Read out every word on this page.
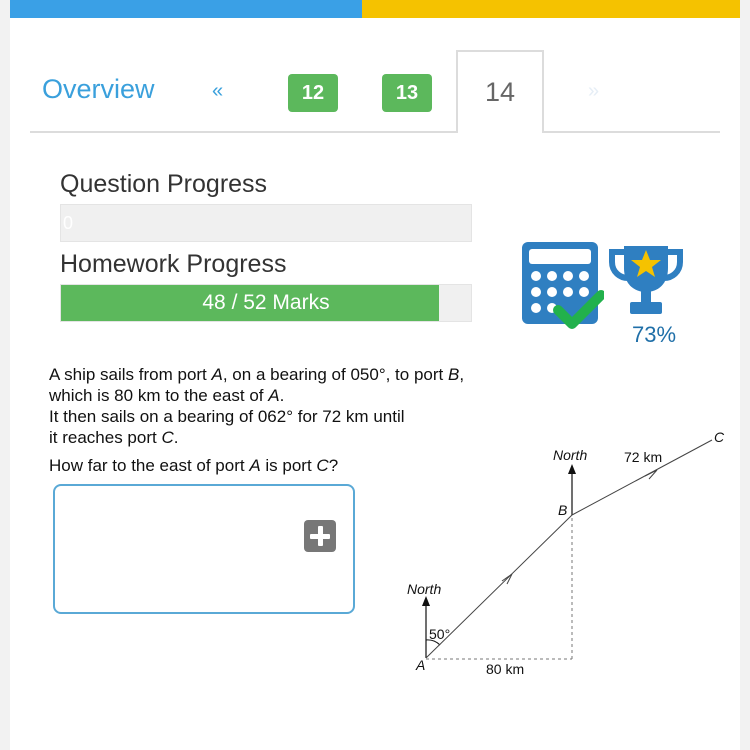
Overview	«	12	13	14	»
Question Progress
0
Homework Progress
48 / 52 Marks
73%

A ship sails from port A, on a bearing of 050°, to port B,

which is 80 km to the east of A.

It then sails on a bearing of 062° for 72 km until

it reaches port C.

How far to the east of port A is port C?

North
50°
North
A
B
C
80 km
72 km
